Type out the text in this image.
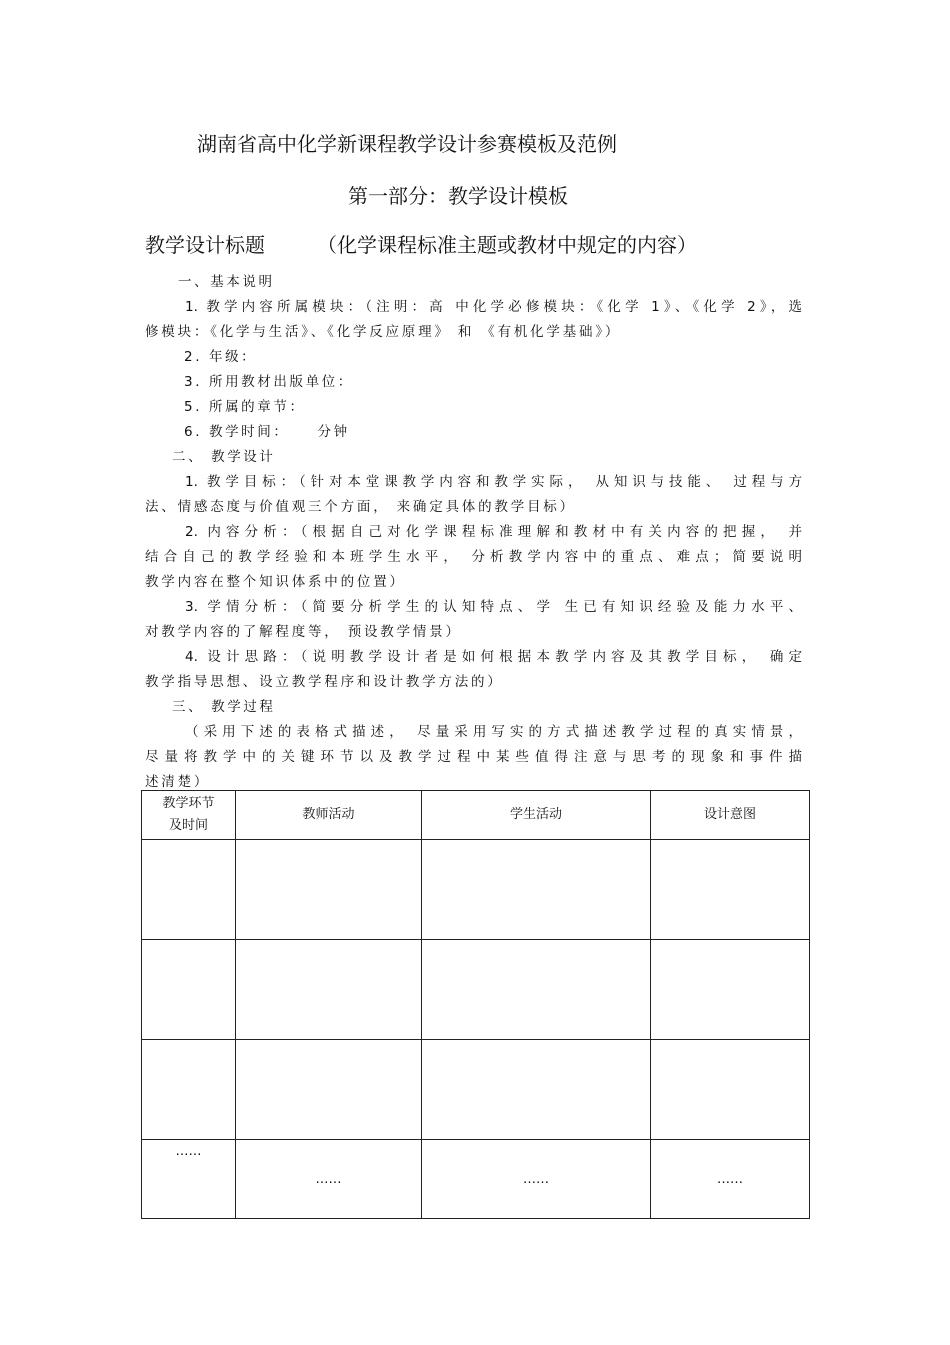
湖南省高中化学新课程教学设计参赛模板及范例
第一部分：教学设计模板
教学设计标题	（化学课程标准主题或教材中规定的内容）
一、基本说明
1. 教学内容所属模块：（注明：高 中化学必修模块：《化学 1》、《化学 2》，选
修模块：《化学与生活》、《化学反应原理》 和 《有机化学基础》）
2. 年级：
3. 所用教材出版单位：
5. 所属的章节：
6. 教学时间： 分钟
二、 教学设计
1. 教学目标：（针对本堂课教学内容和教学实际， 从知识与技能、 过程与方
法、情感态度与价值观三个方面， 来确定具体的教学目标）
2. 内容分析：（根据自己对化学课程标准理解和教材中有关内容的把握， 并
结合自己的教学经验和本班学生水平， 分析教学内容中的重点、难点；简要说明
教学内容在整个知识体系中的位置）
3. 学情分析：（简要分析学生的认知特点、学 生已有知识经验及能力水平、
对教学内容的了解程度等， 预设教学情景）
4. 设计思路：（说明教学设计者是如何根据本教学内容及其教学目标， 确定
教学指导思想、设立教学程序和设计教学方法的）
三、 教学过程
（采用下述的表格式描述， 尽量采用写实的方式描述教学过程的真实情景，
尽量将教学中的关键环节以及教学过程中某些值得注意与思考的现象和事件描
述清楚）
教学环节
及时间	教师活动	学生活动	设计意图

……	……	……	……
